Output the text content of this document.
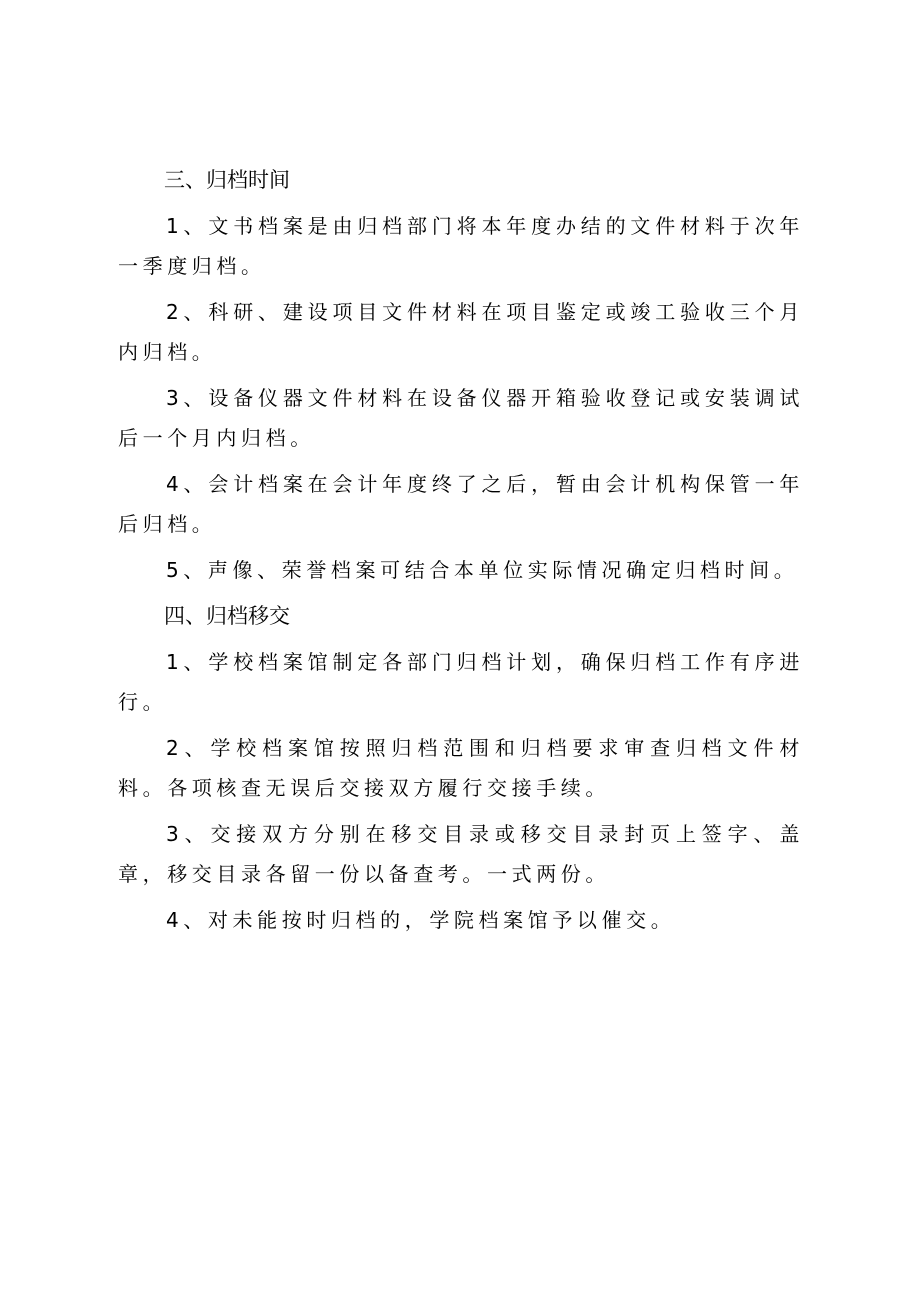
三、归档时间

1、文书档案是由归档部门将本年度办结的文件材料于次年一季度归档。

2、科研、建设项目文件材料在项目鉴定或竣工验收三个月内归档。

3、设备仪器文件材料在设备仪器开箱验收登记或安装调试后一个月内归档。

4、会计档案在会计年度终了之后，暂由会计机构保管一年后归档。

5、声像、荣誉档案可结合本单位实际情况确定归档时间。

四、归档移交

1、学校档案馆制定各部门归档计划，确保归档工作有序进行。

2、学校档案馆按照归档范围和归档要求审查归档文件材料。各项核查无误后交接双方履行交接手续。

3、交接双方分别在移交目录或移交目录封页上签字、盖章，移交目录各留一份以备查考。一式两份。

4、对未能按时归档的，学院档案馆予以催交。
